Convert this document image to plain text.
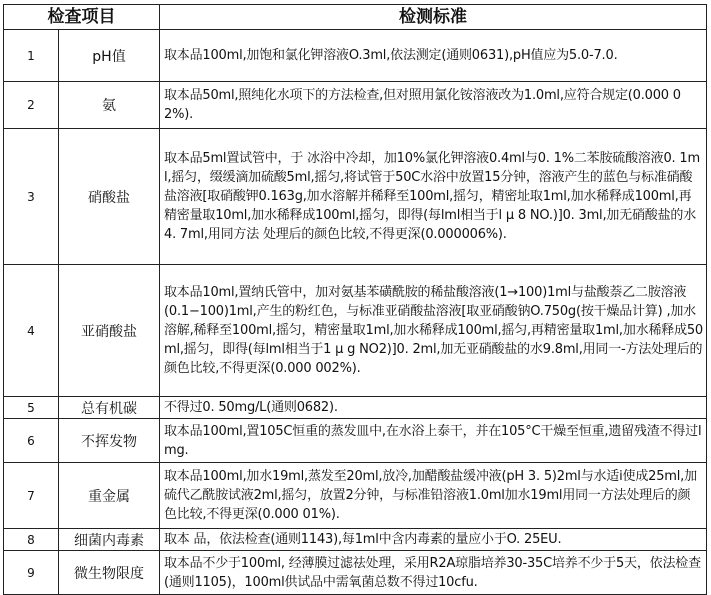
检查项目		检测标准
1	pH值	取本品100ml,加饱和氯化钾溶液O.3ml,依法测定(通则0631),pH值应为5.0-7.0.
2	氨	取本品50ml,照纯化水项下的方法检查,但对照用氯化铵溶液改为1.0ml,应符合规定(0.000 02%).
3	硝酸盐	取本品5ml置试管中，于 冰浴中冷却，加10%氯化钾溶液0.4ml与0. 1%二苯胺硫酸溶液0. 1ml,摇匀，缀缓滴加硫酸5ml,摇匀,将试管于50C水浴中放置15分钟，溶液产生的蓝色与标准硝酸盐溶液[取硝酸钾0.163g,加水溶解并稀释至100ml,摇匀，精密址取1ml,加水稀释成100ml,再精密量取10ml,加水稀释成100ml,摇匀，即得(每lml相当于l μ 8 NO.)]0. 3ml,加无硝酸盐的水4. 7ml,用同方法 处理后的颜色比较,不得更深(0.000006%).
4	亚硝酸盐	取本品10ml,置纳氏管中，加对氨基苯磺酰胺的稀盐酸溶液(1→100)1ml与盐酸萘乙二胺溶液(0.1−100)1ml,产生的粉红色，与标准亚硝酸盐溶液[取亚硝酸钠O.750g(按干燥品计算) ,加水溶解,稀释至100ml,摇匀，精密量取1ml,加水稀释成100ml,摇匀,再精密量取1ml,加水稀释成50ml,摇匀，即得(每lml相当于1 μ g NO2)]0. 2ml,加无亚硝酸盐的水9.8ml,用同一-方法处理后的颜色比较,不得更深(0.000 002%).
5	总有机碳	不得过0. 50mg/L(通则0682).
6	不挥发物	取本品100ml,置105C恒重的蒸发皿中,在水浴上泰干，并在105°C干燥至恒重,遗留残渣不得过lmg.
7	重金属	取本品100ml,加水19ml,蒸发至20ml,放冷,加醋酸盐缓冲液(pH 3. 5)2ml与水适i使成25ml,加硫代乙酰胺试液2ml,摇匀，放置2分钟，与标准铅溶液1.0ml加水19ml用同一方法处理后的颜色比较,不得更深(0.000 01%).
8	细菌内毒素	取本 品，依法检查(通则1143),每1ml中含内毒素的量应小于O. 25EU.
9	微生物限度	取本品不少于100ml, 经薄膜过滤祛处理，采用R2A琼脂培养30-35C培养不少于5天，依法检查(通则1105)，100ml供试品中需氧菌总数不得过10cfu.
